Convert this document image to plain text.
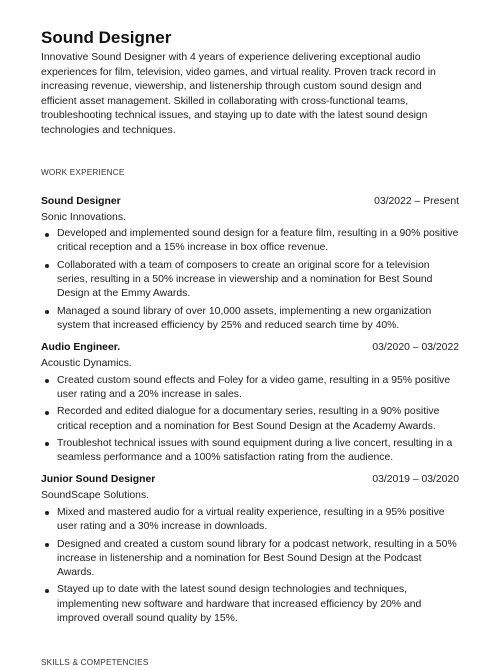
Sound Designer

Innovative Sound Designer with 4 years of experience delivering exceptional audio experiences for film, television, video games, and virtual reality. Proven track record in increasing revenue, viewership, and listenership through custom sound design and efficient asset management. Skilled in collaborating with cross-functional teams, troubleshooting technical issues, and staying up to date with the latest sound design technologies and techniques.

WORK EXPERIENCE
Sound Designer	03/2022 – Present
Sonic Innovations.
Developed and implemented sound design for a feature film, resulting in a 90% positive critical reception and a 15% increase in box office revenue.
Collaborated with a team of composers to create an original score for a television series, resulting in a 50% increase in viewership and a nomination for Best Sound Design at the Emmy Awards.
Managed a sound library of over 10,000 assets, implementing a new organization system that increased efficiency by 25% and reduced search time by 40%.
Audio Engineer.	03/2020 – 03/2022
Acoustic Dynamics.
Created custom sound effects and Foley for a video game, resulting in a 95% positive user rating and a 20% increase in sales.
Recorded and edited dialogue for a documentary series, resulting in a 90% positive critical reception and a nomination for Best Sound Design at the Academy Awards.
Troubleshot technical issues with sound equipment during a live concert, resulting in a seamless performance and a 100% satisfaction rating from the audience.
Junior Sound Designer	03/2019 – 03/2020
SoundScape Solutions.
Mixed and mastered audio for a virtual reality experience, resulting in a 95% positive user rating and a 30% increase in downloads.
Designed and created a custom sound library for a podcast network, resulting in a 50% increase in listenership and a nomination for Best Sound Design at the Podcast Awards.
Stayed up to date with the latest sound design technologies and techniques, implementing new software and hardware that increased efficiency by 20% and improved overall sound quality by 15%.
SKILLS & COMPETENCIES
